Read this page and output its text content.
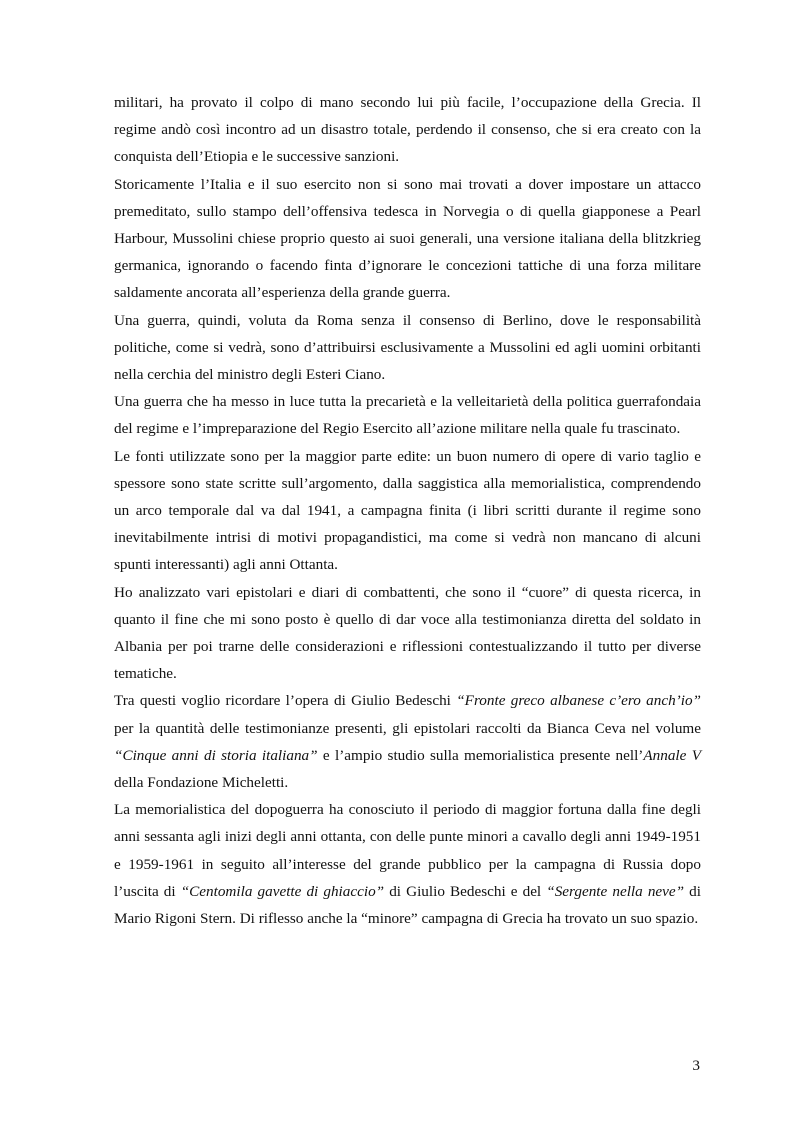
militari, ha provato il colpo di mano secondo lui più facile, l’occupazione della Grecia. Il regime andò così incontro ad un disastro totale, perdendo il consenso, che si era creato con la conquista dell’Etiopia e le successive sanzioni.

Storicamente l’Italia e il suo esercito non si sono mai trovati a dover impostare un attacco premeditato, sullo stampo dell’offensiva tedesca in Norvegia o di quella giapponese a Pearl Harbour, Mussolini chiese proprio questo ai suoi generali, una versione italiana della blitzkrieg germanica, ignorando o facendo finta d’ignorare le concezioni tattiche di una forza militare saldamente ancorata all’esperienza della grande guerra.

Una guerra, quindi, voluta da Roma senza il consenso di Berlino, dove le responsabilità politiche, come si vedrà, sono d’attribuirsi esclusivamente a Mussolini ed agli uomini orbitanti nella cerchia del ministro degli Esteri Ciano.

Una guerra che ha messo in luce tutta la precarietà e la velleitarietà della politica guerrafondaia del regime e l’impreparazione del Regio Esercito all’azione militare nella quale fu trascinato.

Le fonti utilizzate sono per la maggior parte edite: un buon numero di opere di vario taglio e spessore sono state scritte sull’argomento, dalla saggistica alla memorialistica, comprendendo un arco temporale dal va dal 1941, a campagna finita (i libri scritti durante il regime sono inevitabilmente intrisi di motivi propagandistici, ma come si vedrà non mancano di alcuni spunti interessanti) agli anni Ottanta.

Ho analizzato vari epistolari e diari di combattenti, che sono il “cuore” di questa ricerca, in quanto il fine che mi sono posto è quello di dar voce alla testimonianza diretta del soldato in Albania per poi trarne delle considerazioni e riflessioni contestualizzando il tutto per diverse tematiche.

Tra questi voglio ricordare l’opera di Giulio Bedeschi “Fronte greco albanese c’ero anch’io” per la quantità delle testimonianze presenti, gli epistolari raccolti da Bianca Ceva nel volume “Cinque anni di storia italiana” e l’ampio studio sulla memorialistica presente nell’Annale V della Fondazione Micheletti.

La memorialistica del dopoguerra ha conosciuto il periodo di maggior fortuna dalla fine degli anni sessanta agli inizi degli anni ottanta, con delle punte minori a cavallo degli anni 1949-1951 e 1959-1961 in seguito all’interesse del grande pubblico per la campagna di Russia dopo l’uscita di “Centomila gavette di ghiaccio” di Giulio Bedeschi e del “Sergente nella neve” di Mario Rigoni Stern. Di riflesso anche la “minore” campagna di Grecia ha trovato un suo spazio.

3
